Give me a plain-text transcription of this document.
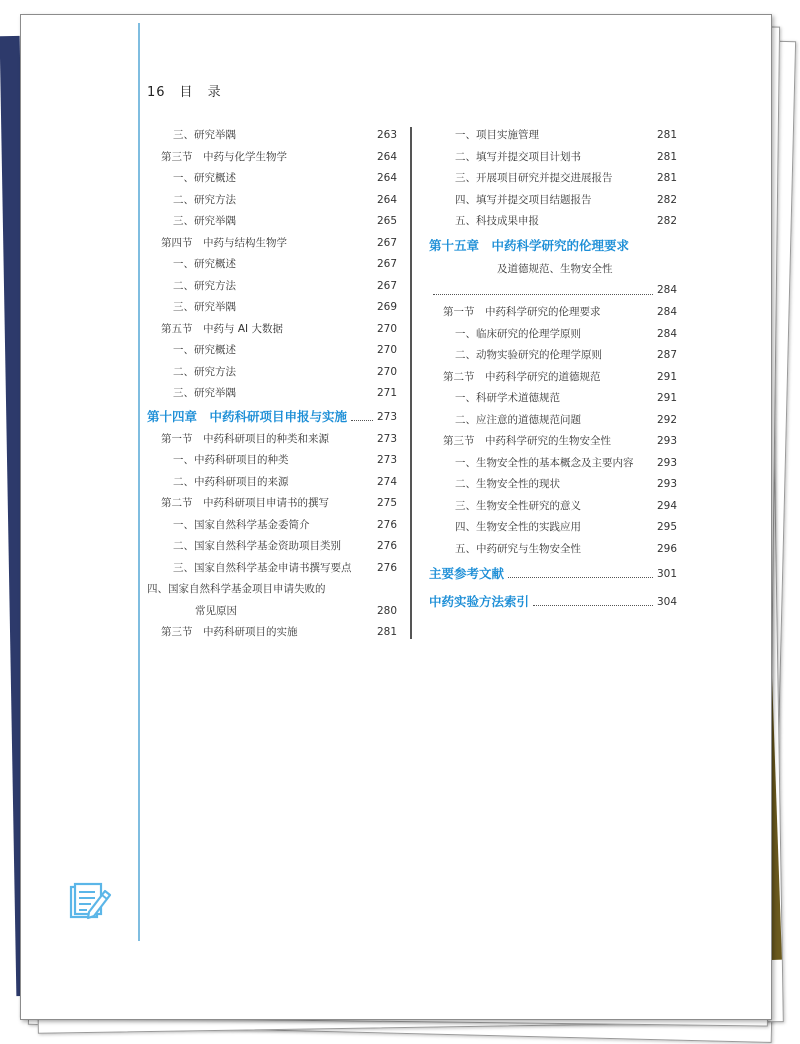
16 目 录
三、研究举隅	263
第三节　中药与化学生物学	264
一、研究概述	264
二、研究方法	264
三、研究举隅	265
第四节　中药与结构生物学	267
一、研究概述	267
二、研究方法	267
三、研究举隅	269
第五节　中药与 AI 大数据	270
一、研究概述	270
二、研究方法	270
三、研究举隅	271
第十四章　中药科研项目申报与实施	273
第一节　中药科研项目的种类和来源	273
一、中药科研项目的种类	273
二、中药科研项目的来源	274
第二节　中药科研项目申请书的撰写	275
一、国家自然科学基金委简介	276
二、国家自然科学基金资助项目类别	276
三、国家自然科学基金申请书撰写要点 276
四、国家自然科学基金项目申请失败的
常见原因	280
第三节　中药科研项目的实施	281
一、项目实施管理	281
二、填写并提交项目计划书	281
三、开展项目研究并提交进展报告	281
四、填写并提交项目结题报告	282
五、科技成果申报	282
第十五章　中药科学研究的伦理要求
及道德规范、生物安全性
284
第一节　中药科学研究的伦理要求	284
一、临床研究的伦理学原则	284
二、动物实验研究的伦理学原则	287
第二节　中药科学研究的道德规范	291
一、科研学术道德规范	291
二、应注意的道德规范问题	292
第三节　中药科学研究的生物安全性	293
一、生物安全性的基本概念及主要内容 293
二、生物安全性的现状	293
三、生物安全性研究的意义	294
四、生物安全性的实践应用	295
五、中药研究与生物安全性	296
主要参考文献	301
中药实验方法索引	304
